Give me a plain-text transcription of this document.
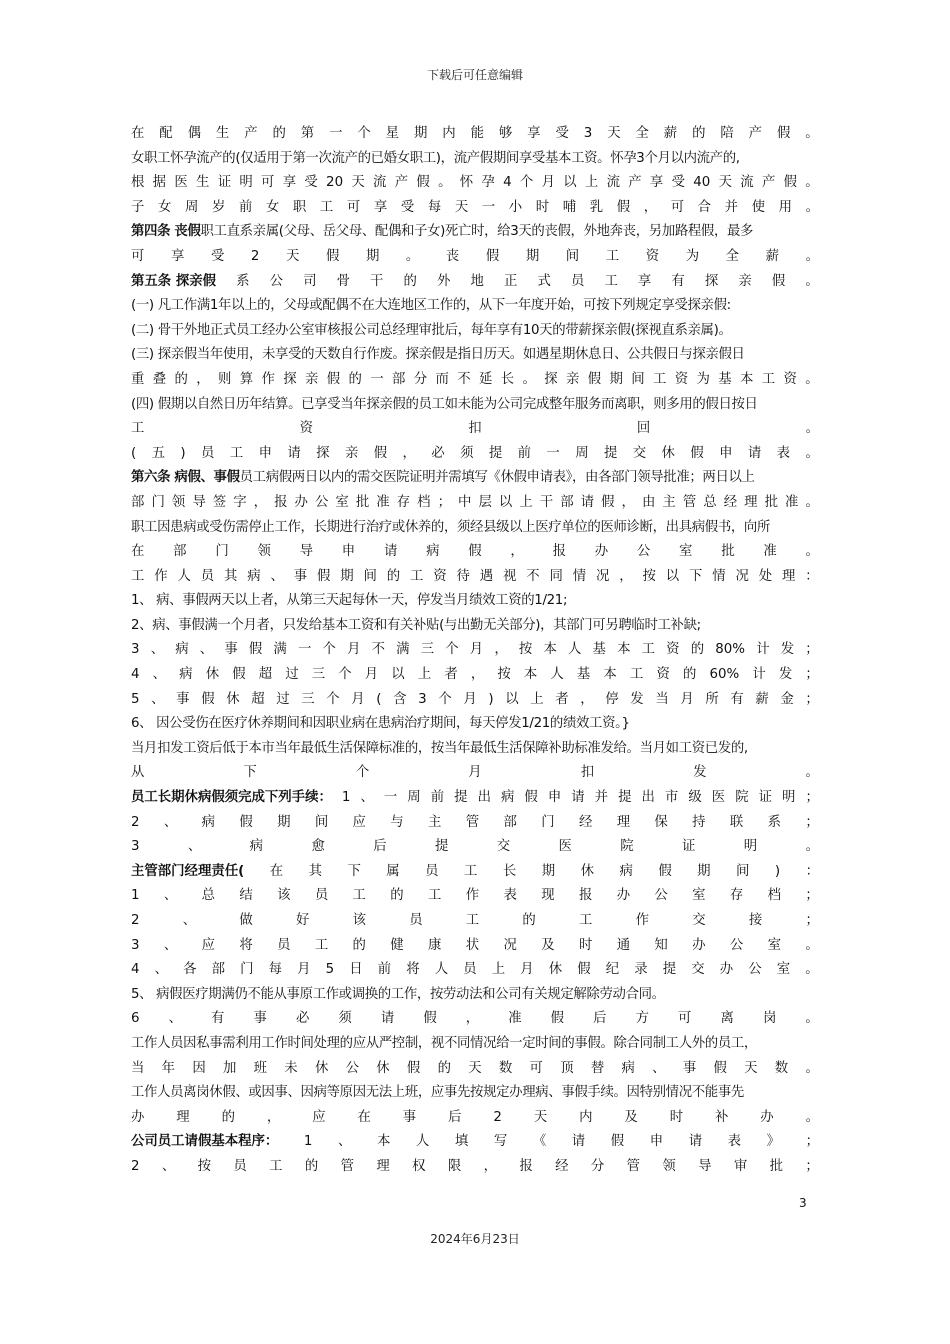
下载后可任意编辑
在 配 偶 生 产 的 第 一 个 星 期 内 能 够 享 受 3 天 全 薪 的 陪 产 假 。
女职工怀孕流产的(仅适用于第一次流产的已婚女职工)，流产假期间享受基本工资。怀孕3个月以内流产的,
根 据 医 生 证 明 可 享 受 20 天 流 产 假 。 怀 孕 4 个 月 以 上 流 产 享 受 40 天 流 产 假 。
子 女 周 岁 前 女 职 工 可 享 受 每 天 一 小 时 哺 乳 假 ， 可 合 并 使 用 。
第四条 丧假职工直系亲属(父母、岳父母、配偶和子女)死亡时，给3天的丧假，外地奔丧，另加路程假，最多
可 享 受 2 天 假 期 。 丧 假 期 间 工 资 为 全 薪 。
第五条 探亲假 系 公 司 骨 干 的 外 地 正 式 员 工 享 有 探 亲 假 。
(一) 凡工作满1年以上的，父母或配偶不在大连地区工作的，从下一年度开始，可按下列规定享受探亲假:
(二) 骨干外地正式员工经办公室审核报公司总经理审批后，每年享有10天的带薪探亲假(探视直系亲属)。
(三) 探亲假当年使用，未享受的天数自行作废。探亲假是指日历天。如遇星期休息日、公共假日与探亲假日
重 叠 的 ， 则 算 作 探 亲 假 的 一 部 分 而 不 延 长 。 探 亲 假 期 间 工 资 为 基 本 工 资 。
(四) 假期以自然日历年结算。已享受当年探亲假的员工如未能为公司完成整年服务而离职，则多用的假日按日
工	资	扣	回	。
( 五 ) 员 工 申 请 探 亲 假 ， 必 须 提 前 一 周 提 交 休 假 申 请 表 。
第六条 病假、事假员工病假两日以内的需交医院证明并需填写《休假申请表》，由各部门领导批准；两日以上
部 门 领 导 签 字 ， 报 办 公 室 批 准 存 档 ； 中 层 以 上 干 部 请 假 ， 由 主 管 总 经 理 批 准 。
职工因患病或受伤需停止工作，长期进行治疗或休养的，须经县级以上医疗单位的医师诊断，出具病假书，向所
在 部 门 领 导 申 请 病 假 ， 报 办 公 室 批 准 。
工 作 人 员 其 病 、 事 假 期 间 的 工 资 待 遇 视 不 同 情 况 ， 按 以 下 情 况 处 理 ：
1、 病、事假两天以上者，从第三天起每休一天，停发当月绩效工资的1/21;
2、病、事假满一个月者，只发给基本工资和有关补贴(与出勤无关部分)，其部门可另聘临时工补缺;
3 、 病 、 事 假 满 一 个 月 不 满 三 个 月 ， 按 本 人 基 本 工 资 的 80% 计 发 ；
4 、 病 休 假 超 过 三 个 月 以 上 者 ， 按 本 人 基 本 工 资 的 60% 计 发 ；
5 、 事 假 休 超 过 三 个 月 ( 含 3 个 月 ) 以 上 者 ， 停 发 当 月 所 有 薪 金 ；
6、 因公受伤在医疗休养期间和因职业病在患病治疗期间，每天停发1/21的绩效工资。}
当月扣发工资后低于本市当年最低生活保障标准的，按当年最低生活保障补助标准发给。当月如工资已发的,
从	下	个	月	扣	发	。
员工长期休病假须完成下列手续： 1 、 一 周 前 提 出 病 假 申 请 并 提 出 市 级 医 院 证 明 ；
2 、 病 假 期 间 应 与 主 管 部 门 经 理 保 持 联 系 ；
3	、	病	愈	后	提	交	医	院	证	明	。
主管部门经理责任( 在 其 下 属 员 工 长 期 休 病 假 期 间 ) ：
1 、 总 结 该 员 工 的 工 作 表 现 报 办 公 室 存 档 ；
2	、	做	好	该	员	工	的	工	作	交	接	；
3 、 应 将 员 工 的 健 康 状 况 及 时 通 知 办 公 室 。
4 、 各 部 门 每 月 5 日 前 将 人 员 上 月 休 假 纪 录 提 交 办 公 室 。
5、 病假医疗期满仍不能从事原工作或调换的工作，按劳动法和公司有关规定解除劳动合同。
6 、 有 事 必 须 请 假 ， 准 假 后 方 可 离 岗 。
工作人员因私事需利用工作时间处理的应从严控制，视不同情况给一定时间的事假。除合同制工人外的员工，
当 年 因 加 班 未 休 公 休 假 的 天 数 可 顶 替 病 、 事 假 天 数 。
工作人员离岗休假、或因事、因病等原因无法上班，应事先按规定办理病、事假手续。因特别情况不能事先
办 理 的 ， 应 在 事 后 2 天 内 及 时 补 办 。
公司员工请假基本程序： 1 、 本 人 填 写 《 请 假 申 请 表 》 ；
2 、 按 员 工 的 管 理 权 限 ， 报 经 分 管 领 导 审 批 ；
3
2024年6月23日
